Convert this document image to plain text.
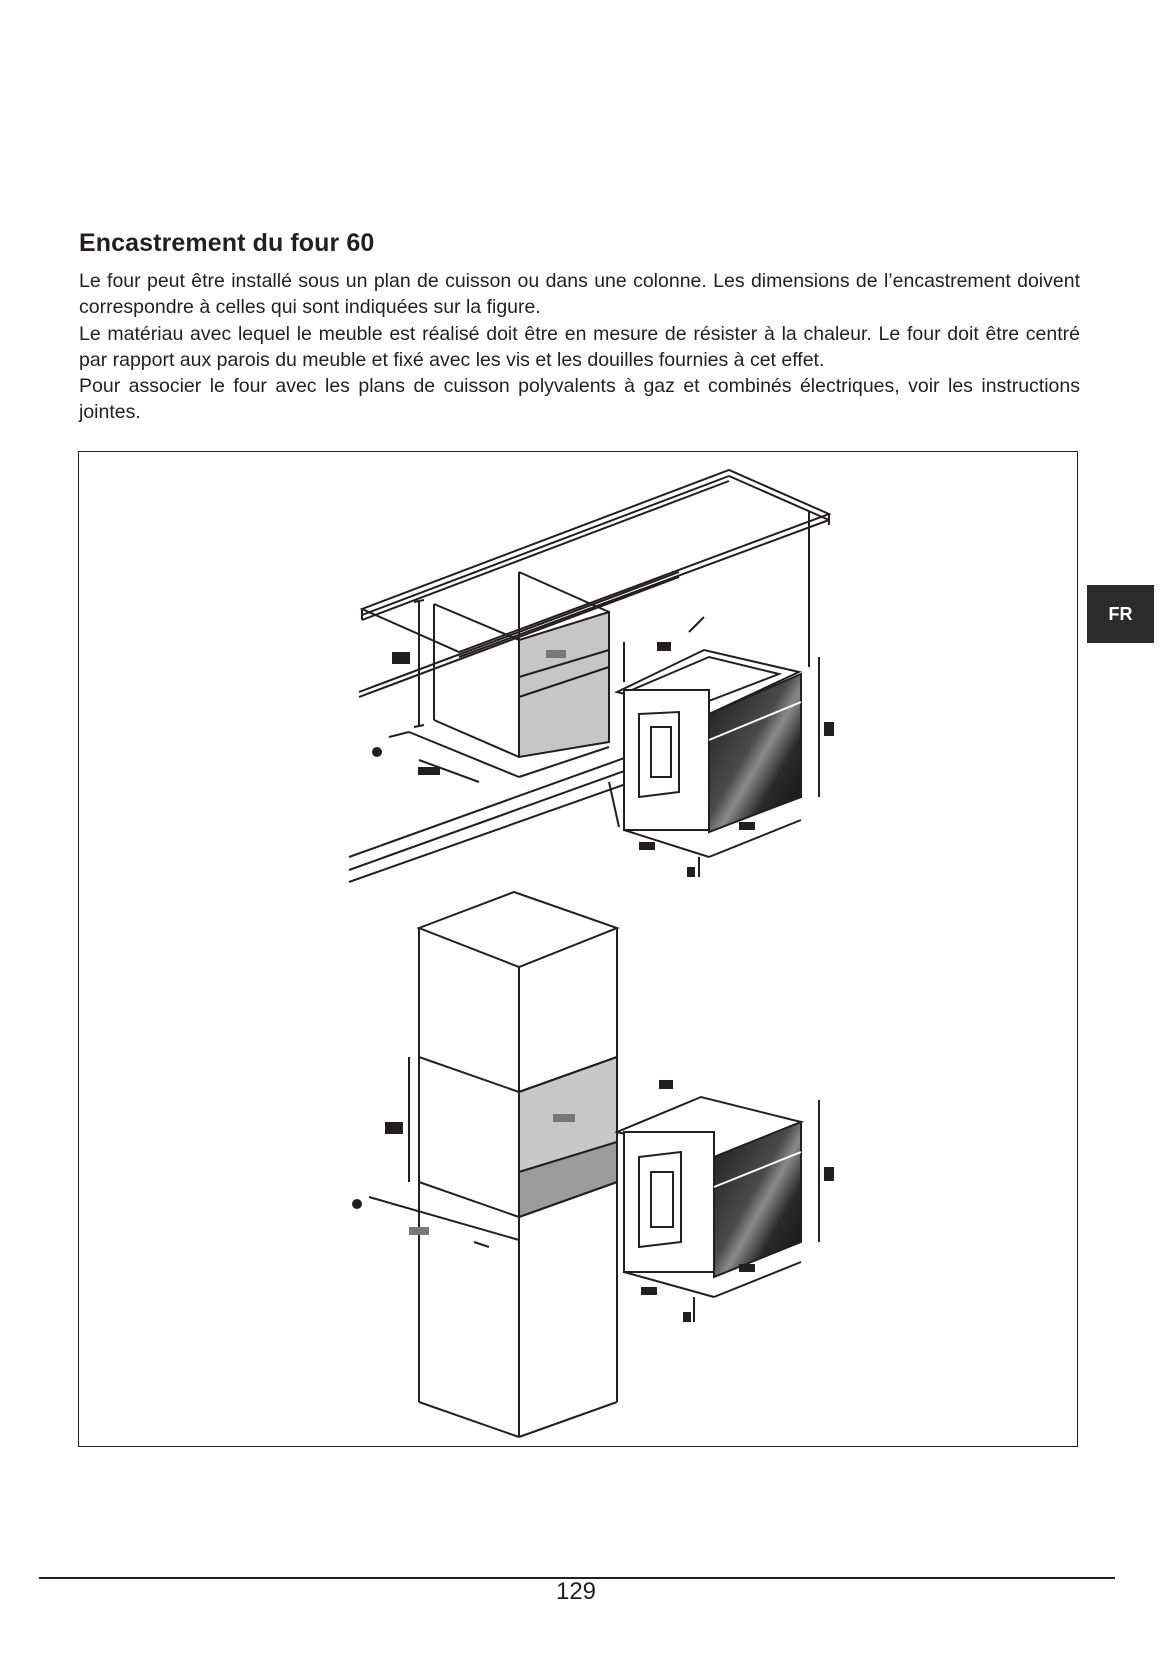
Encastrement du four 60

Le four peut être installé sous un plan de cuisson ou dans une colonne. Les dimensions de l’encastrement doivent correspondre à celles qui sont indiquées sur la figure.

Le matériau avec lequel le meuble est réalisé doit être en mesure de résister à la chaleur. Le four doit être centré par rapport aux parois du meuble et fixé avec les vis et les douilles fournies à cet effet.

Pour associer le four avec les plans de cuisson polyvalents à gaz et combinés électriques, voir les instructions jointes.

FR
129
